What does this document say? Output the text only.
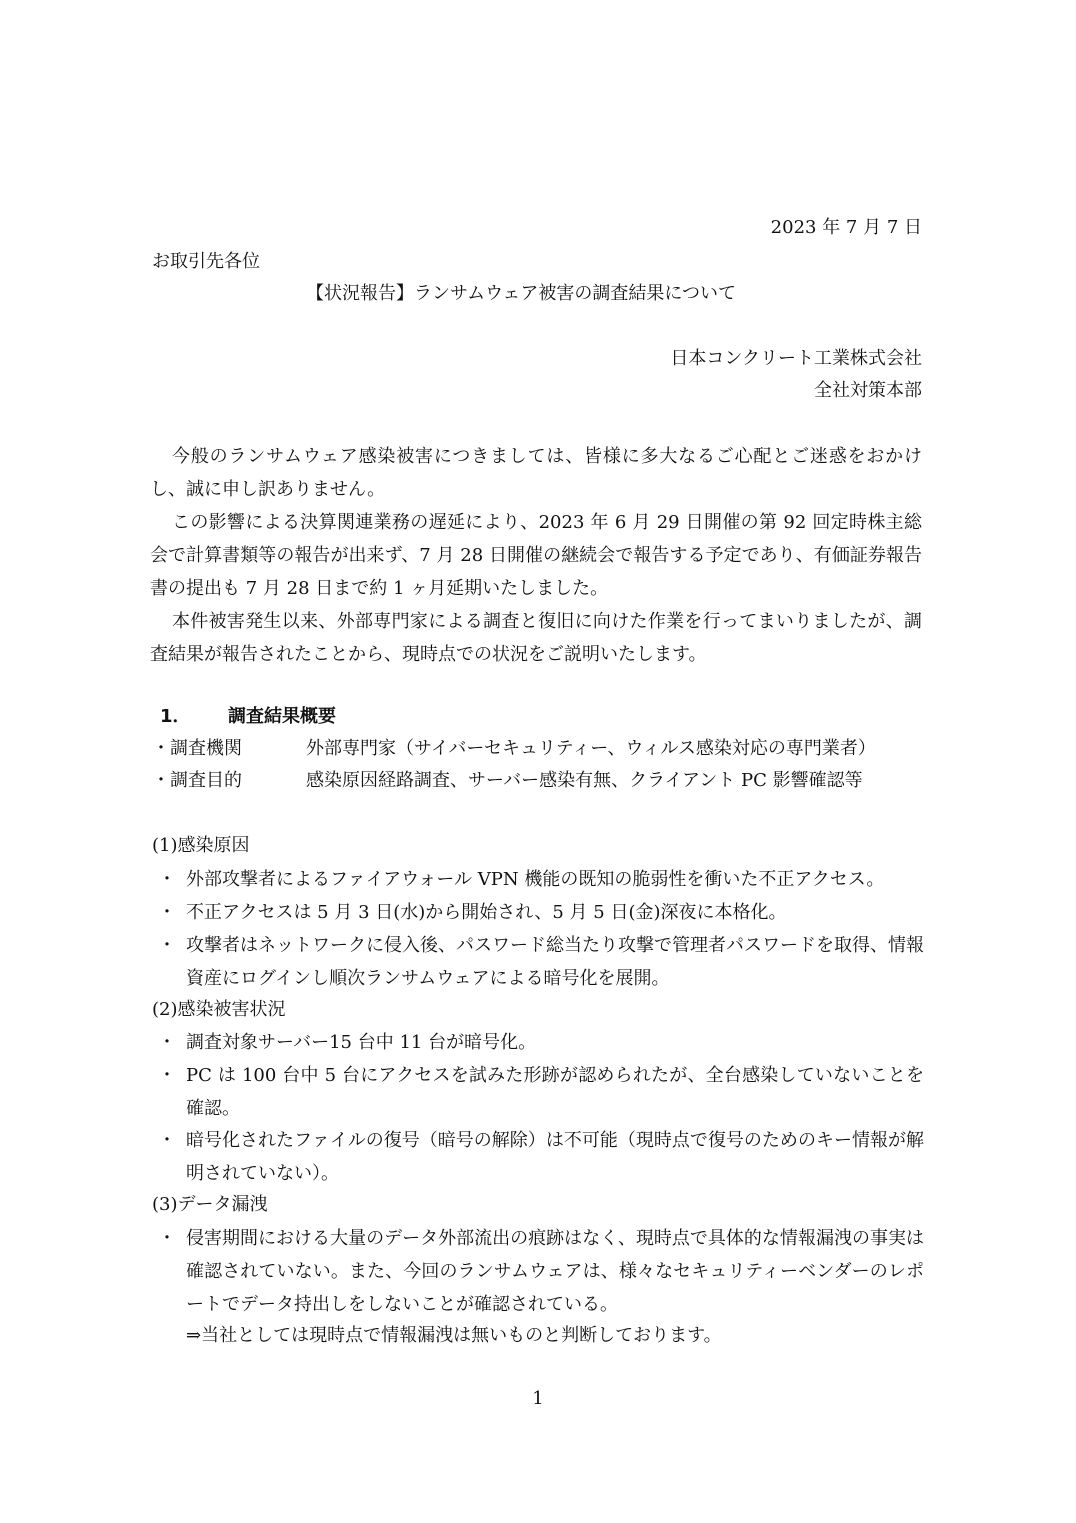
2023 年 7 月 7 日
お取引先各位
【状況報告】ランサムウェア被害の調査結果について
日本コンクリート工業株式会社
全社対策本部

今般のランサムウェア感染被害につきましては、皆様に多大なるご心配とご迷惑をおかけし、誠に申し訳ありません。

この影響による決算関連業務の遅延により、2023 年 6 月 29 日開催の第 92 回定時株主総会で計算書類等の報告が出来ず、7 月 28 日開催の継続会で報告する予定であり、有価証券報告書の提出も 7 月 28 日まで約 1 ヶ月延期いたしました。

本件被害発生以来、外部専門家による調査と復旧に向けた作業を行ってまいりましたが、調査結果が報告されたことから、現時点での状況をご説明いたします。

1． 調査結果概要
・調査機関	外部専門家（サイバーセキュリティー、ウィルス感染対応の専門業者）
・調査目的	感染原因経路調査、サーバー感染有無、クライアント PC 影響確認等
(1)感染原因
・ 外部攻撃者によるファイアウォール VPN 機能の既知の脆弱性を衝いた不正アクセス。
・ 不正アクセスは 5 月 3 日(水)から開始され、5 月 5 日(金)深夜に本格化。
・ 攻撃者はネットワークに侵入後、パスワード総当たり攻撃で管理者パスワードを取得、情報資産にログインし順次ランサムウェアによる暗号化を展開。
(2)感染被害状況
・ 調査対象サーバー15 台中 11 台が暗号化。
・ PC は 100 台中 5 台にアクセスを試みた形跡が認められたが、全台感染していないことを確認。
・ 暗号化されたファイルの復号（暗号の解除）は不可能（現時点で復号のためのキー情報が解明されていない）。
(3)データ漏洩
・ 侵害期間における大量のデータ外部流出の痕跡はなく、現時点で具体的な情報漏洩の事実は確認されていない。また、今回のランサムウェアは、様々なセキュリティーベンダーのレポートでデータ持出しをしないことが確認されている。
⇒当社としては現時点で情報漏洩は無いものと判断しております。
1
